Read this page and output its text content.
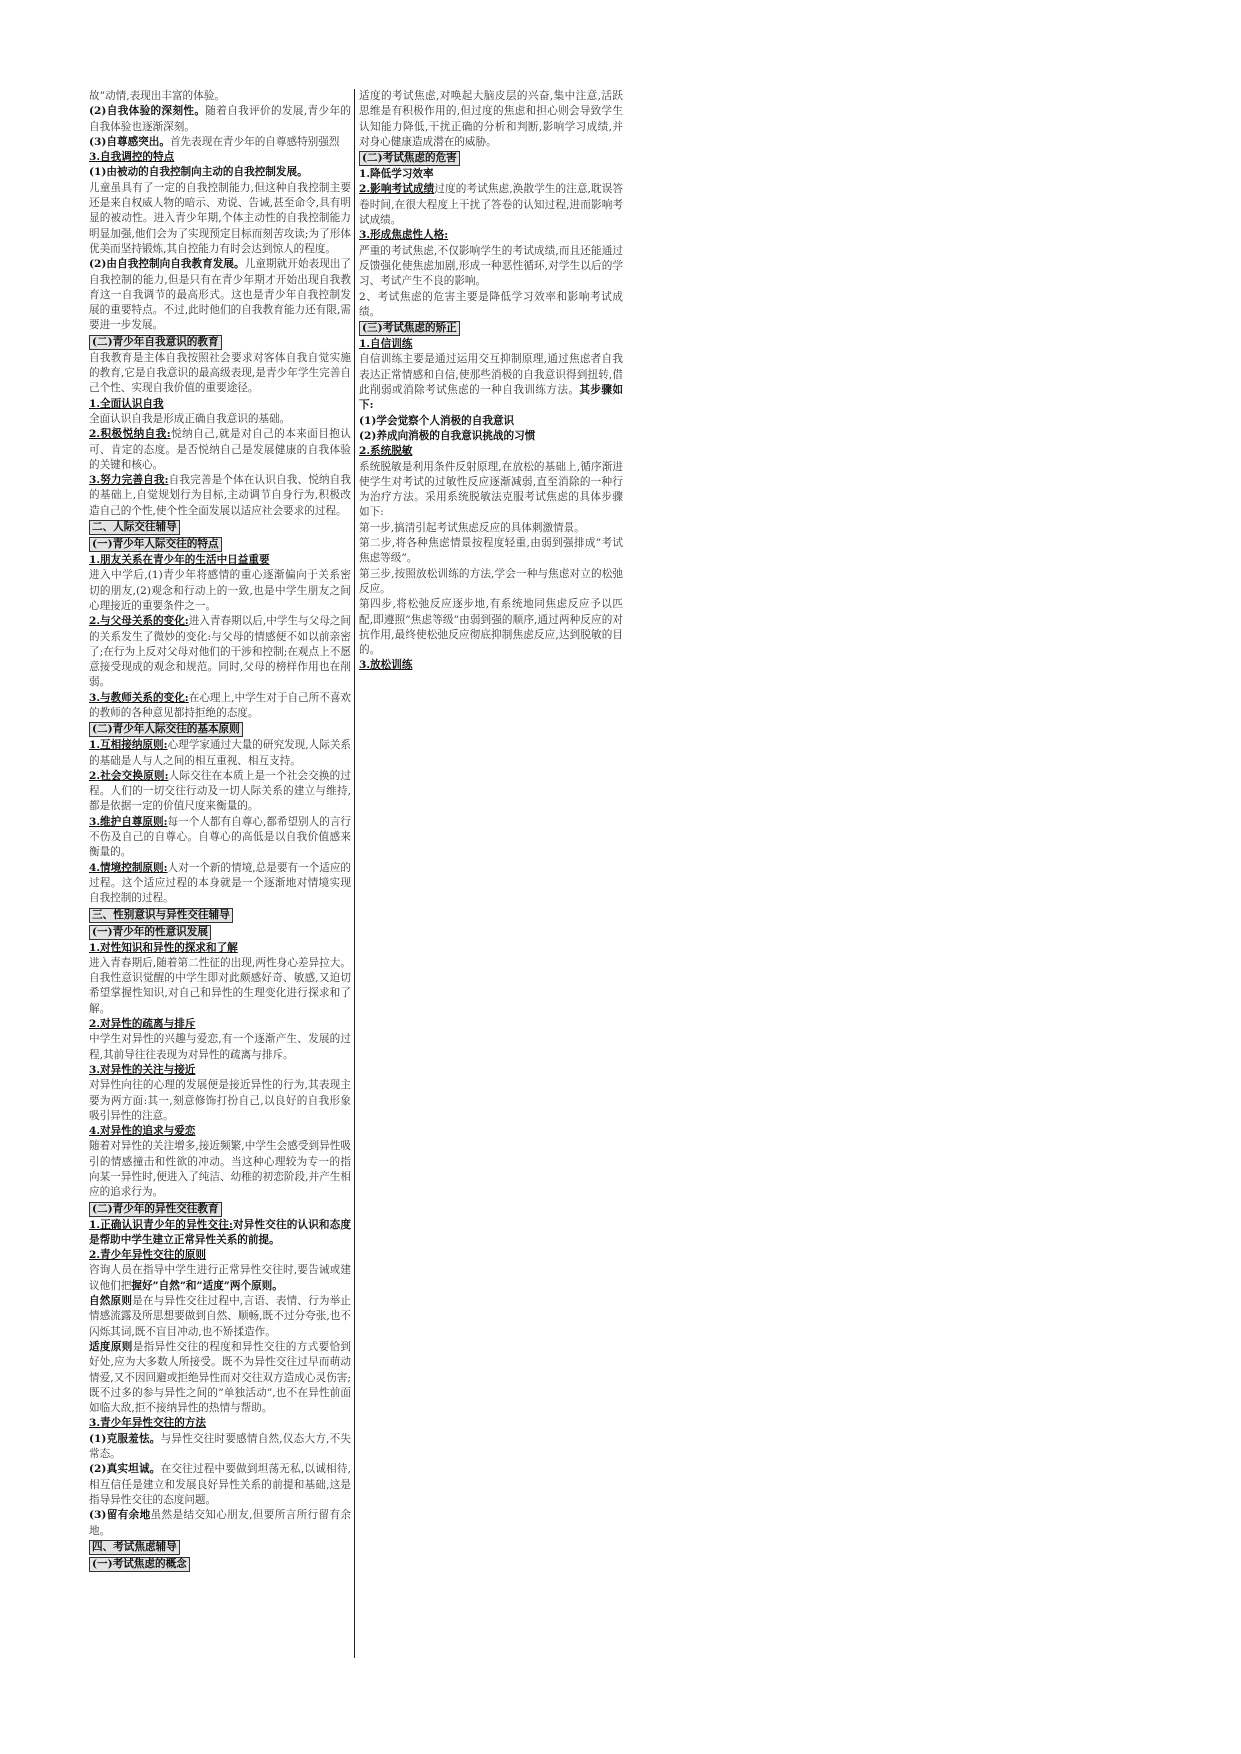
故”动情,表现出丰富的体验。
(2)自我体验的深刻性。随着自我评价的发展,青少年的自我体验也逐渐深刻。
(3)自尊感突出。首先表现在青少年的自尊感特别强烈
3.自我调控的特点
(1)由被动的自我控制向主动的自我控制发展。
儿童虽具有了一定的自我控制能力,但这种自我控制主要还是来自权威人物的暗示、劝说、告诫,甚至命令,具有明显的被动性。进入青少年期,个体主动性的自我控制能力明显加强,他们会为了实现预定目标而刻苦攻读;为了形体优美而坚持锻炼,其自控能力有时会达到惊人的程度。
(2)由自我控制向自我教育发展。儿童期就开始表现出了自我控制的能力,但是只有在青少年期才开始出现自我教育这一自我调节的最高形式。这也是青少年自我控制发展的重要特点。不过,此时他们的自我教育能力还有限,需要进一步发展。
(二)青少年自我意识的教育
自我教育是主体自我按照社会要求对客体自我自觉实施的教育,它是自我意识的最高级表现,是青少年学生完善自己个性、实现自我价值的重要途径。
1.全面认识自我
全面认识自我是形成正确自我意识的基础。
2.积极悦纳自我:悦纳自己,就是对自己的本来面目抱认可、肯定的态度。是否悦纳自己是发展健康的自我体验的关键和核心。
3.努力完善自我:自我完善是个体在认识自我、悦纳自我的基础上,自觉规划行为目标,主动调节自身行为,积极改造自己的个性,使个性全面发展以适应社会要求的过程。
二、人际交往辅导
(一)青少年人际交往的特点
1.朋友关系在青少年的生活中日益重要
进入中学后,(1)青少年将感情的重心逐渐偏向于关系密切的朋友,(2)观念和行动上的一致,也是中学生朋友之间心理接近的重要条件之一。
2.与父母关系的变化:进入青春期以后,中学生与父母之间的关系发生了微妙的变化:与父母的情感便不如以前亲密了;在行为上反对父母对他们的干涉和控制;在观点上不愿意接受现成的观念和规范。同时,父母的榜样作用也在削弱。
3.与教师关系的变化:在心理上,中学生对于自己所不喜欢的教师的各种意见都持拒绝的态度。
(二)青少年人际交往的基本原则
1.互相接纳原则:心理学家通过大量的研究发现,人际关系的基础是人与人之间的相互重视、相互支持。
2.社会交换原则:人际交往在本质上是一个社会交换的过程。人们的一切交往行动及一切人际关系的建立与维持,都是依据一定的价值尺度来衡量的。
3.维护自尊原则:每一个人都有自尊心,都希望别人的言行不伤及自己的自尊心。自尊心的高低是以自我价值感来衡量的。
4.情境控制原则:人对一个新的情境,总是要有一个适应的过程。这个适应过程的本身就是一个逐渐地对情境实现自我控制的过程。
三、性别意识与异性交往辅导
(一)青少年的性意识发展
1.对性知识和异性的探求和了解
进入青春期后,随着第二性征的出现,两性身心差异拉大。自我性意识觉醒的中学生即对此颇感好奇、敏感,又迫切希望掌握性知识,对自己和异性的生理变化进行探求和了解。
2.对异性的疏离与排斥
中学生对异性的兴趣与爱恋,有一个逐渐产生、发展的过程,其前导往往表现为对异性的疏离与排斥。
3.对异性的关注与接近
对异性向往的心理的发展便是接近异性的行为,其表现主要为两方面:其一,刻意修饰打扮自己,以良好的自我形象吸引异性的注意。
4.对异性的追求与爱恋
随着对异性的关注增多,接近频繁,中学生会感受到异性吸引的情感撞击和性欲的冲动。当这种心理较为专一的指向某一异性时,便进入了纯洁、幼稚的初恋阶段,并产生相应的追求行为。
(二)青少年的异性交往教育
1.正确认识青少年的异性交往:对异性交往的认识和态度是帮助中学生建立正常异性关系的前提。
2.青少年异性交往的原则
咨询人员在指导中学生进行正常异性交往时,要告诫或建议他们把握好”自然”和”适度”两个原则。
自然原则是在与异性交往过程中,言语、表情、行为举止情感流露及所思想要做到自然、顺畅,既不过分夸张,也不闪烁其词,既不盲目冲动,也不矫揉造作。
适度原则是指异性交往的程度和异性交往的方式要恰到好处,应为大多数人所接受。既不为异性交往过早而萌动情爱,又不因回避或拒绝异性而对交往双方造成心灵伤害;既不过多的参与异性之间的”单独活动”,也不在异性前面如临大敌,拒不接纳异性的热情与帮助。
3.青少年异性交往的方法
(1)克服羞怯。与异性交往时要感情自然,仪态大方,不失常态。
(2)真实坦诚。在交往过程中要做到坦荡无私,以诚相待,相互信任是建立和发展良好异性关系的前提和基础,这是指导异性交往的态度问题。
(3)留有余地虽然是结交知心朋友,但要所言所行留有余地。
四、考试焦虑辅导
(一)考试焦虑的概念
适度的考试焦虑,对唤起大脑皮层的兴奋,集中注意,活跃思维是有积极作用的,但过度的焦虑和担心则会导致学生认知能力降低,干扰正确的分析和判断,影响学习成绩,并对身心健康造成潜在的威胁。
(二)考试焦虑的危害
1.降低学习效率
2.影响考试成绩过度的考试焦虑,涣散学生的注意,耽误答卷时间,在很大程度上干扰了答卷的认知过程,进而影响考试成绩。
3.形成焦虑性人格:
严重的考试焦虑,不仅影响学生的考试成绩,而且还能通过反馈强化使焦虑加剧,形成一种恶性循环,对学生以后的学习、考试产生不良的影响。
2、考试焦虑的危害主要是降低学习效率和影响考试成绩。
(三)考试焦虑的矫正
1.自信训练
自信训练主要是通过运用交互抑制原理,通过焦虑者自我表达正常情感和自信,使那些消极的自我意识得到扭转,借此削弱或消除考试焦虑的一种自我训练方法。其步骤如下:
(1)学会觉察个人消极的自我意识
(2)养成向消极的自我意识挑战的习惯
2.系统脱敏
系统脱敏是利用条件反射原理,在放松的基础上,循序渐进使学生对考试的过敏性反应逐渐减弱,直至消除的一种行为治疗方法。采用系统脱敏法克服考试焦虑的具体步骤如下:
第一步,搞清引起考试焦虑反应的具体刺激情景。
第二步,将各种焦虑情景按程度轻重,由弱到强排成”考试焦虑等级”。
第三步,按照放松训练的方法,学会一种与焦虑对立的松弛反应。
第四步,将松弛反应逐步地,有系统地同焦虑反应予以匹配,即遵照”焦虑等级”由弱到强的顺序,通过两种反应的对抗作用,最终使松弛反应彻底抑制焦虑反应,达到脱敏的目的。
3.放松训练
